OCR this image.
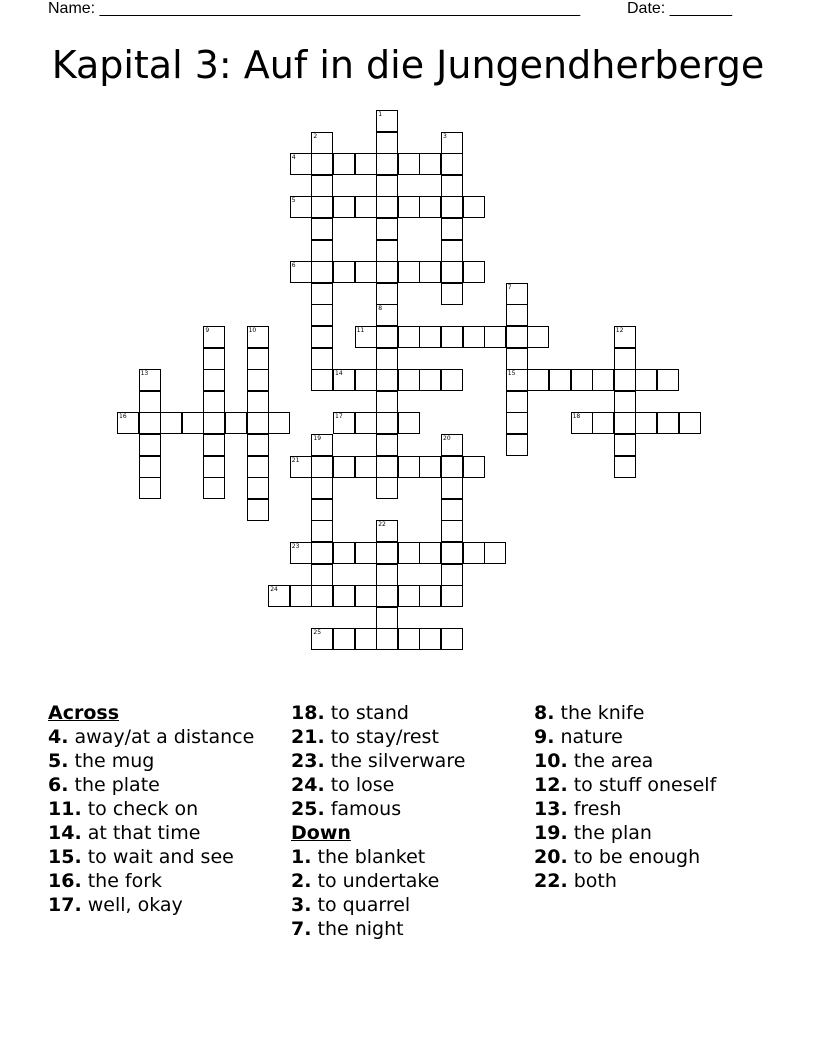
Name: ______________________________________________________	Date: _______
Kapital 3: Auf in die Jungendherberge
1
2	3
4
5
6
7
15
8
9	10	11	12
13	14
16	17	18
19	20
21
22
23
24
25
Across
4. away/at a distance
5. the mug
6. the plate
11. to check on
14. at that time
15. to wait and see
16. the fork
17. well, okay
18. to stand
21. to stay/rest
23. the silverware
24. to lose
25. famous
Down
1. the blanket
2. to undertake
3. to quarrel
7. the night
8. the knife
9. nature
10. the area
12. to stuff oneself
13. fresh
19. the plan
20. to be enough
22. both
